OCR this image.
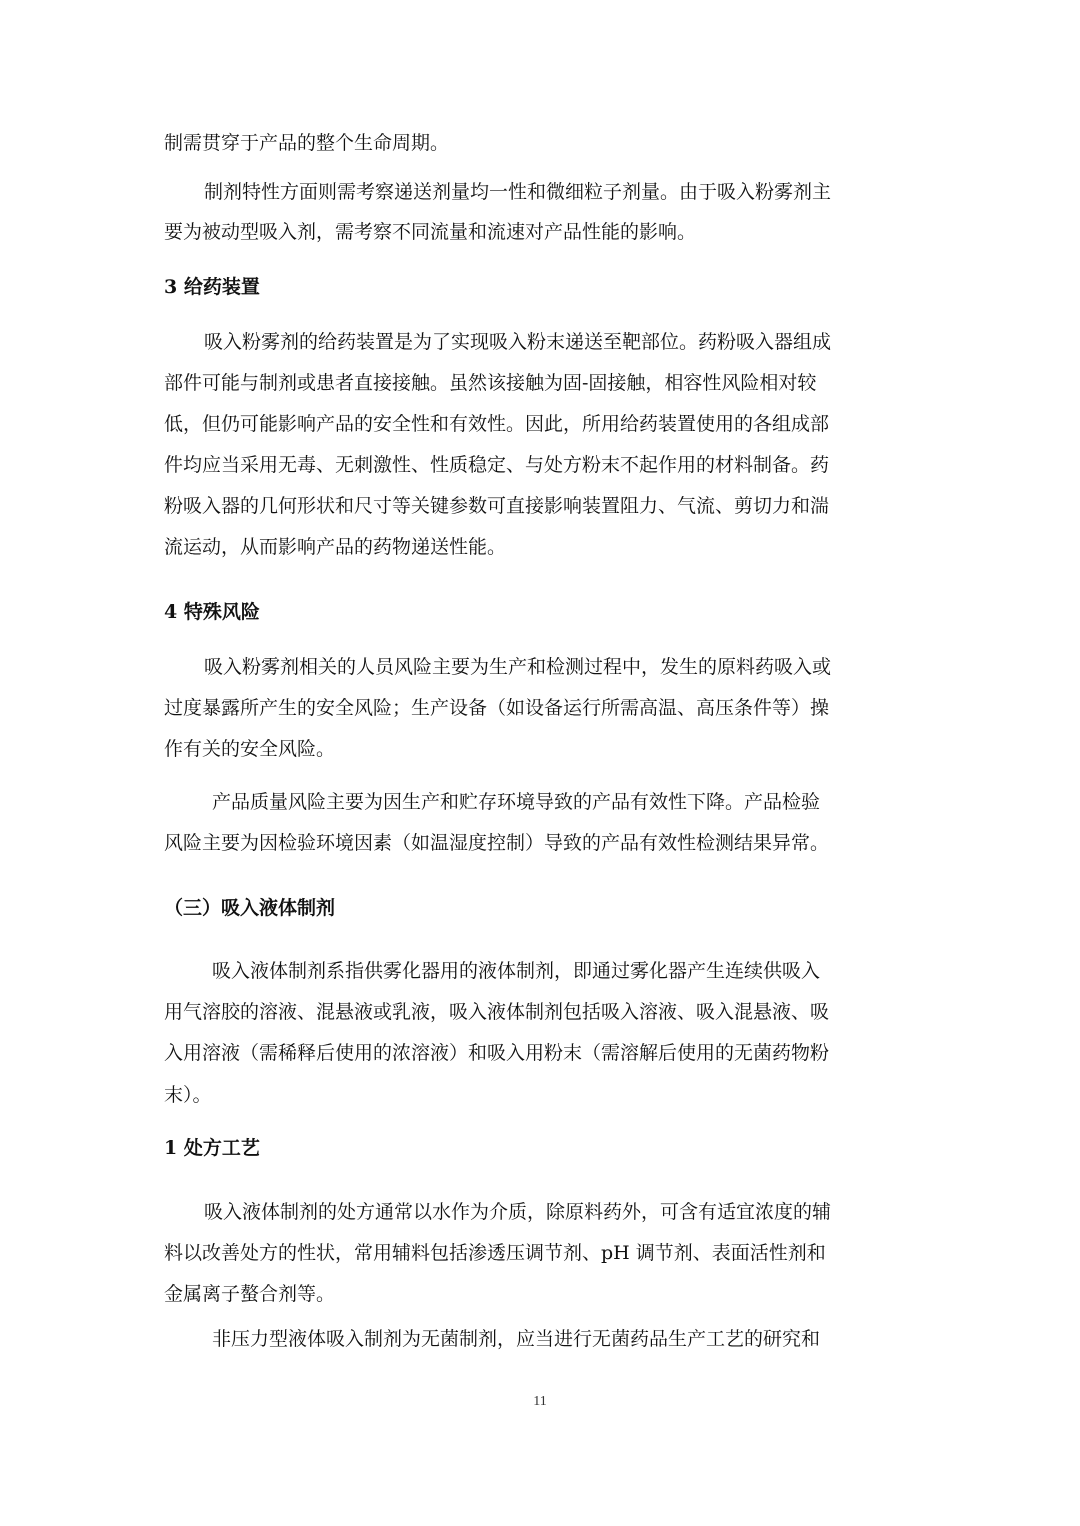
制需贯穿于产品的整个生命周期。
制剂特性方面则需考察递送剂量均一性和微细粒子剂量。由于吸入粉雾剂主
要为被动型吸入剂，需考察不同流量和流速对产品性能的影响。
3 给药装置
吸入粉雾剂的给药装置是为了实现吸入粉末递送至靶部位。药粉吸入器组成
部件可能与制剂或患者直接接触。虽然该接触为固-固接触，相容性风险相对较
低，但仍可能影响产品的安全性和有效性。因此，所用给药装置使用的各组成部
件均应当采用无毒、无刺激性、性质稳定、与处方粉末不起作用的材料制备。药
粉吸入器的几何形状和尺寸等关键参数可直接影响装置阻力、气流、剪切力和湍
流运动，从而影响产品的药物递送性能。
4 特殊风险
吸入粉雾剂相关的人员风险主要为生产和检测过程中，发生的原料药吸入或
过度暴露所产生的安全风险；生产设备（如设备运行所需高温、高压条件等）操
作有关的安全风险。
产品质量风险主要为因生产和贮存环境导致的产品有效性下降。产品检验
风险主要为因检验环境因素（如温湿度控制）导致的产品有效性检测结果异常。
（三）吸入液体制剂
吸入液体制剂系指供雾化器用的液体制剂，即通过雾化器产生连续供吸入
用气溶胶的溶液、混悬液或乳液，吸入液体制剂包括吸入溶液、吸入混悬液、吸
入用溶液（需稀释后使用的浓溶液）和吸入用粉末（需溶解后使用的无菌药物粉
末）。
1 处方工艺
吸入液体制剂的处方通常以水作为介质，除原料药外，可含有适宜浓度的辅
料以改善处方的性状，常用辅料包括渗透压调节剂、pH 调节剂、表面活性剂和
金属离子螯合剂等。
非压力型液体吸入制剂为无菌制剂，应当进行无菌药品生产工艺的研究和
11
